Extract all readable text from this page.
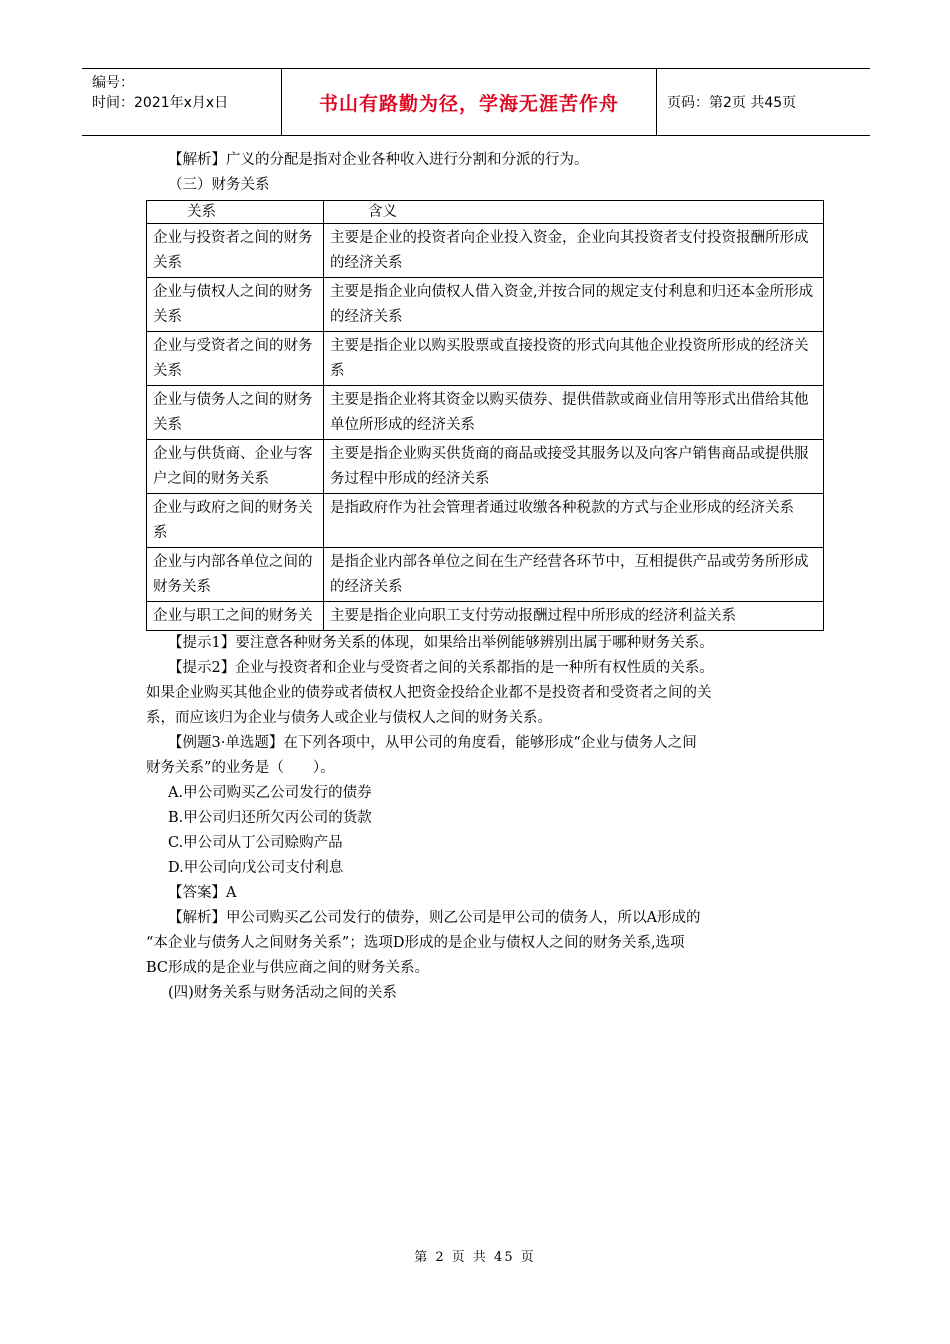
编号：
时间：2021年x月x日	书山有路勤为径，学海无涯苦作舟	页码：第2页 共45页
【解析】广义的分配是指对企业各种收入进行分割和分派的行为。
（三）财务关系
关系	含义
企业与投资者之间的财务关系	主要是企业的投资者向企业投入资金，企业向其投资者支付投资报酬所形成的经济关系
企业与债权人之间的财务关系	主要是指企业向债权人借入资金,并按合同的规定支付利息和归还本金所形成的经济关系
企业与受资者之间的财务关系	主要是指企业以购买股票或直接投资的形式向其他企业投资所形成的经济关系
企业与债务人之间的财务关系	主要是指企业将其资金以购买债券、提供借款或商业信用等形式出借给其他单位所形成的经济关系
企业与供货商、企业与客户之间的财务关系	主要是指企业购买供货商的商品或接受其服务以及向客户销售商品或提供服务过程中形成的经济关系
企业与政府之间的财务关系	是指政府作为社会管理者通过收缴各种税款的方式与企业形成的经济关系
企业与内部各单位之间的财务关系	是指企业内部各单位之间在生产经营各环节中，互相提供产品或劳务所形成的经济关系
企业与职工之间的财务关	主要是指企业向职工支付劳动报酬过程中所形成的经济利益关系
【提示1】要注意各种财务关系的体现，如果给出举例能够辨别出属于哪种财务关系。
【提示2】企业与投资者和企业与受资者之间的关系都指的是一种所有权性质的关系。
如果企业购买其他企业的债券或者债权人把资金投给企业都不是投资者和受资者之间的关
系，而应该归为企业与债务人或企业与债权人之间的财务关系。
【例题3·单选题】在下列各项中，从甲公司的角度看，能够形成“企业与债务人之间
财务关系”的业务是（　　）。
A.甲公司购买乙公司发行的债券
B.甲公司归还所欠丙公司的货款
C.甲公司从丁公司赊购产品
D.甲公司向戊公司支付利息
【答案】A
【解析】甲公司购买乙公司发行的债券，则乙公司是甲公司的债务人，所以A形成的
“本企业与债务人之间财务关系”；选项D形成的是企业与债权人之间的财务关系,选项
BC形成的是企业与供应商之间的财务关系。
(四)财务关系与财务活动之间的关系
第 2 页 共 45 页
